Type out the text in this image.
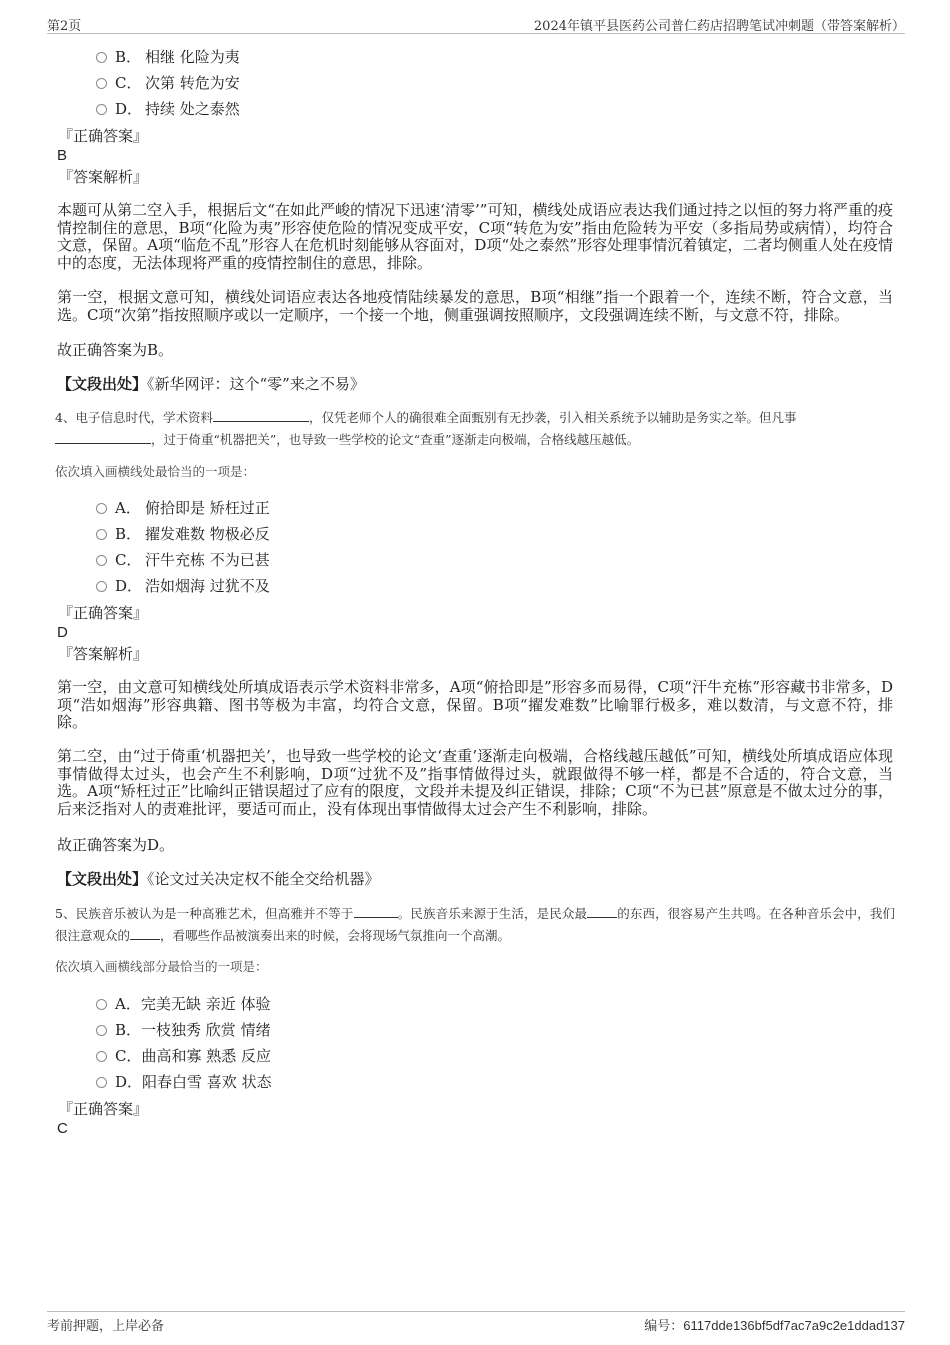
第2页	2024年镇平县医药公司普仁药店招聘笔试冲刺题（带答案解析）
B． 相继 化险为夷
C． 次第 转危为安
D． 持续 处之泰然
『正确答案』
B
『答案解析』
本题可从第二空入手，根据后文“在如此严峻的情况下迅速‘清零’”可知，横线处成语应表达我们通过持之以恒的努力将严重的疫情控制住的意思，B项“化险为夷”形容使危险的情况变成平安，C项“转危为安”指由危险转为平安（多指局势或病情），均符合文意，保留。A项“临危不乱”形容人在危机时刻能够从容面对，D项“处之泰然”形容处理事情沉着镇定，二者均侧重人处在疫情中的态度，无法体现将严重的疫情控制住的意思，排除。
第一空，根据文意可知，横线处词语应表达各地疫情陆续暴发的意思，B项“相继”指一个跟着一个，连续不断，符合文意，当选。C项“次第”指按照顺序或以一定顺序，一个接一个地，侧重强调按照顺序，文段强调连续不断，与文意不符，排除。
故正确答案为B。
【文段出处】《新华网评：这个“零”来之不易》
4、电子信息时代，学术资料	，仅凭老师个人的确很难全面甄别有无抄袭，引入相关系统予以辅助是务实之举。但凡事
，过于倚重“机器把关”，也导致一些学校的论文“查重”逐渐走向极端，合格线越压越低。
依次填入画横线处最恰当的一项是：
A． 俯拾即是 矫枉过正
B． 擢发难数 物极必反
C． 汗牛充栋 不为已甚
D． 浩如烟海 过犹不及
『正确答案』
D
『答案解析』
第一空，由文意可知横线处所填成语表示学术资料非常多，A项“俯拾即是”形容多而易得，C项“汗牛充栋”形容藏书非常多，D项“浩如烟海”形容典籍、图书等极为丰富，均符合文意，保留。B项“擢发难数”比喻罪行极多，难以数清，与文意不符，排除。
第二空，由“过于倚重‘机器把关’，也导致一些学校的论文‘查重’逐渐走向极端，合格线越压越低”可知，横线处所填成语应体现事情做得太过头，也会产生不利影响，D项“过犹不及”指事情做得过头，就跟做得不够一样，都是不合适的，符合文意，当选。A项“矫枉过正”比喻纠正错误超过了应有的限度，文段并未提及纠正错误，排除；C项“不为已甚”原意是不做太过分的事，后来泛指对人的责难批评，要适可而止，没有体现出事情做得太过会产生不利影响，排除。
故正确答案为D。
【文段出处】《论文过关决定权不能全交给机器》
5、民族音乐被认为是一种高雅艺术，但高雅并不等于	。民族音乐来源于生活，是民众最 的东西，很容易产生共鸣。在各种音乐会中，我们很注意观众的 ，看哪些作品被演奏出来的时候，会将现场气氛推向一个高潮。
依次填入画横线部分最恰当的一项是：
A．完美无缺 亲近 体验
B．一枝独秀 欣赏 情绪
C．曲高和寡 熟悉 反应
D．阳春白雪 喜欢 状态
『正确答案』
C
考前押题，上岸必备	编号：6117dde136bf5df7ac7a9c2e1ddad137
